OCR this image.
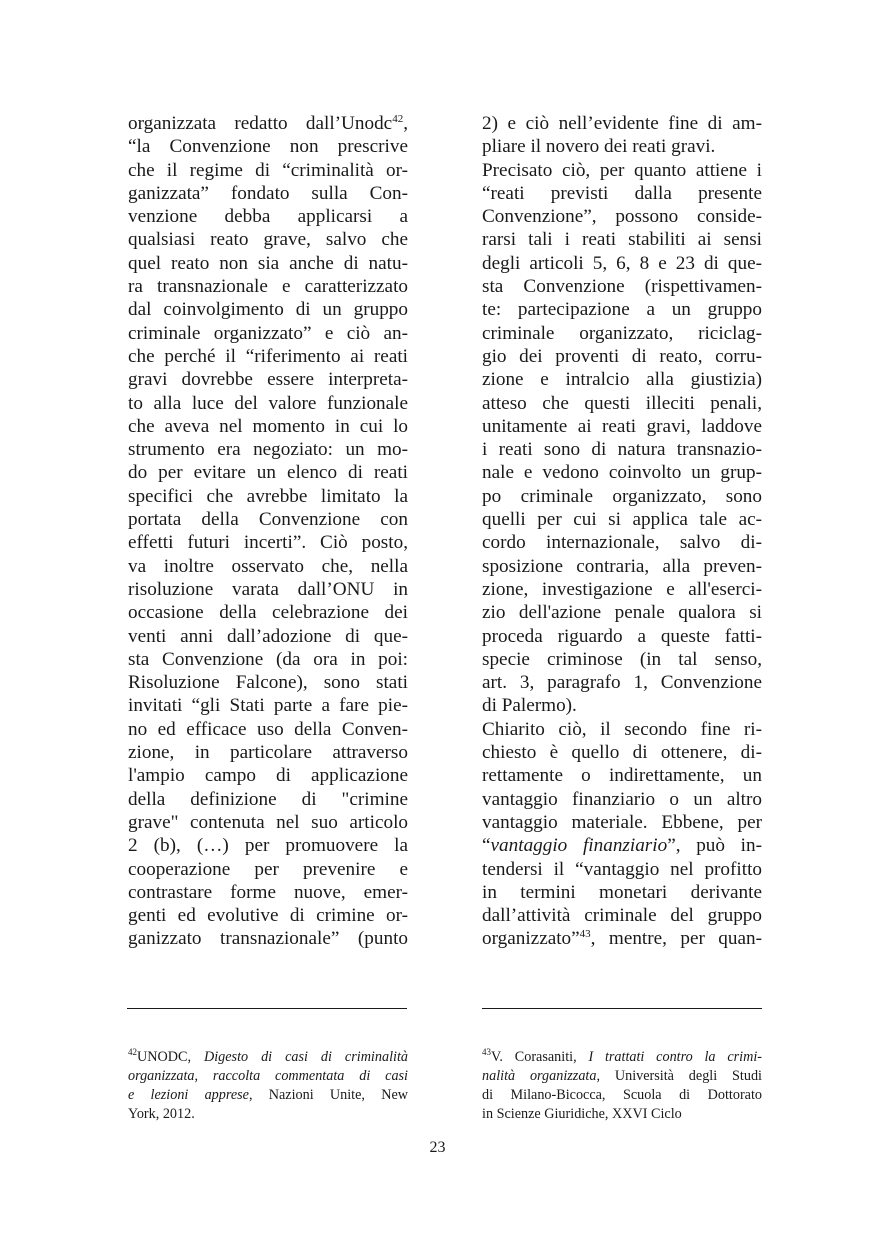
organizzata redatto dall’Unodc$^{42}$,
“la Convenzione non prescrive
che il regime di “criminalità or-
ganizzata” fondato sulla Con-
venzione debba applicarsi a
qualsiasi reato grave, salvo che
quel reato non sia anche di natu-
ra transnazionale e caratterizzato
dal coinvolgimento di un gruppo
criminale organizzato” e ciò an-
che perché il “riferimento ai reati
gravi dovrebbe essere interpreta-
to alla luce del valore funzionale
che aveva nel momento in cui lo
strumento era negoziato: un mo-
do per evitare un elenco di reati
specifici che avrebbe limitato la
portata della Convenzione con
effetti futuri incerti”. Ciò posto,
va inoltre osservato che, nella
risoluzione varata dall’ONU in
occasione della celebrazione dei
venti anni dall’adozione di que-
sta Convenzione (da ora in poi:
Risoluzione Falcone), sono stati
invitati “gli Stati parte a fare pie-
no ed efficace uso della Conven-
zione, in particolare attraverso
l'ampio campo di applicazione
della definizione di "crimine
grave" contenuta nel suo articolo
2 (b), (…) per promuovere la
cooperazione per prevenire e
contrastare forme nuove, emer-
genti ed evolutive di crimine or-
ganizzato transnazionale” (punto
2) e ciò nell’evidente fine di am-
pliare il novero dei reati gravi.
Precisato ciò, per quanto attiene i
“reati previsti dalla presente
Convenzione”, possono conside-
rarsi tali i reati stabiliti ai sensi
degli articoli 5, 6, 8 e 23 di que-
sta Convenzione (rispettivamen-
te: partecipazione a un gruppo
criminale organizzato, riciclag-
gio dei proventi di reato, corru-
zione e intralcio alla giustizia)
atteso che questi illeciti penali,
unitamente ai reati gravi, laddove
i reati sono di natura transnazio-
nale e vedono coinvolto un grup-
po criminale organizzato, sono
quelli per cui si applica tale ac-
cordo internazionale, salvo di-
sposizione contraria, alla preven-
zione, investigazione e all'eserci-
zio dell'azione penale qualora si
proceda riguardo a queste fatti-
specie criminose (in tal senso,
art. 3, paragrafo 1, Convenzione
di Palermo).
Chiarito ciò, il secondo fine ri-
chiesto è quello di ottenere, di-
rettamente o indirettamente, un
vantaggio finanziario o un altro
vantaggio materiale. Ebbene, per
“vantaggio finanziario”, può in-
tendersi il “vantaggio nel profitto
in termini monetari derivante
dall’attività criminale del gruppo
organizzato”$^{43}$, mentre, per quan-
$^{42}$UNODC, Digesto di casi di criminalità
organizzata, raccolta commentata di casi
e lezioni apprese, Nazioni Unite, New
York, 2012.
$^{43}$V. Corasaniti, I trattati contro la crimi-
nalità organizzata, Università degli Studi
di Milano-Bicocca, Scuola di Dottorato
in Scienze Giuridiche, XXVI Ciclo
23
